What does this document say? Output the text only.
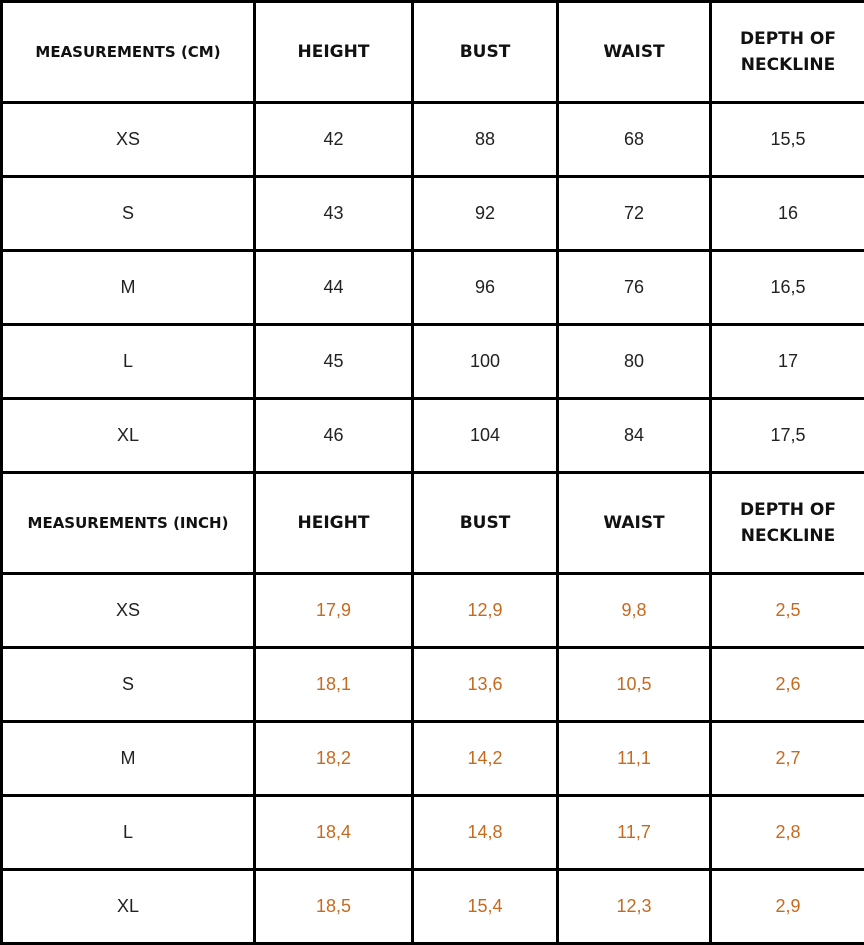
MEASUREMENTS (CM)	HEIGHT	BUST	WAIST	DEPTH OF NECKLINE
XS	42	88	68	15,5
S	43	92	72	16
M	44	96	76	16,5
L	45	100	80	17
XL	46	104	84	17,5
MEASUREMENTS (INCH)	HEIGHT	BUST	WAIST	DEPTH OF NECKLINE
XS	17,9	12,9	9,8	2,5
S	18,1	13,6	10,5	2,6
M	18,2	14,2	11,1	2,7
L	18,4	14,8	11,7	2,8
XL	18,5	15,4	12,3	2,9
